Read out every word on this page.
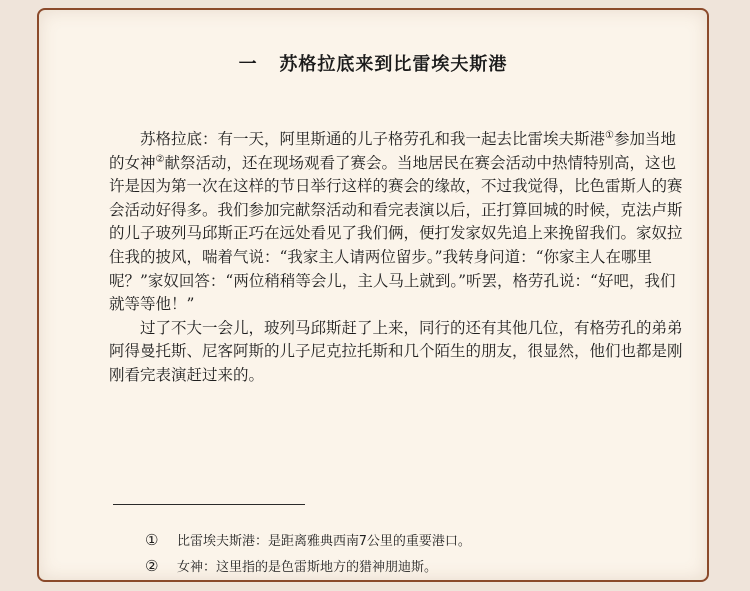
一   苏格拉底来到比雷埃夫斯港

苏格拉底：有一天，阿里斯通的儿子格劳孔和我一起去比雷埃夫斯港①参加当地的女神②献祭活动，还在现场观看了赛会。当地居民在赛会活动中热情特别高，这也许是因为第一次在这样的节日举行这样的赛会的缘故，不过我觉得，比色雷斯人的赛会活动好得多。我们参加完献祭活动和看完表演以后，正打算回城的时候，克法卢斯的儿子玻列马邱斯正巧在远处看见了我们俩，便打发家奴先追上来挽留我们。家奴拉住我的披风，喘着气说：“我家主人请两位留步。”我转身问道：“你家主人在哪里呢？”家奴回答：“两位稍稍等会儿，主人马上就到。”听罢，格劳孔说：“好吧，我们就等等他！”

过了不大一会儿，玻列马邱斯赶了上来，同行的还有其他几位，有格劳孔的弟弟阿得曼托斯、尼客阿斯的儿子尼克拉托斯和几个陌生的朋友，很显然，他们也都是刚刚看完表演赶过来的。

①	比雷埃夫斯港：是距离雅典西南7公里的重要港口。
②	女神：这里指的是色雷斯地方的猎神朋迪斯。
